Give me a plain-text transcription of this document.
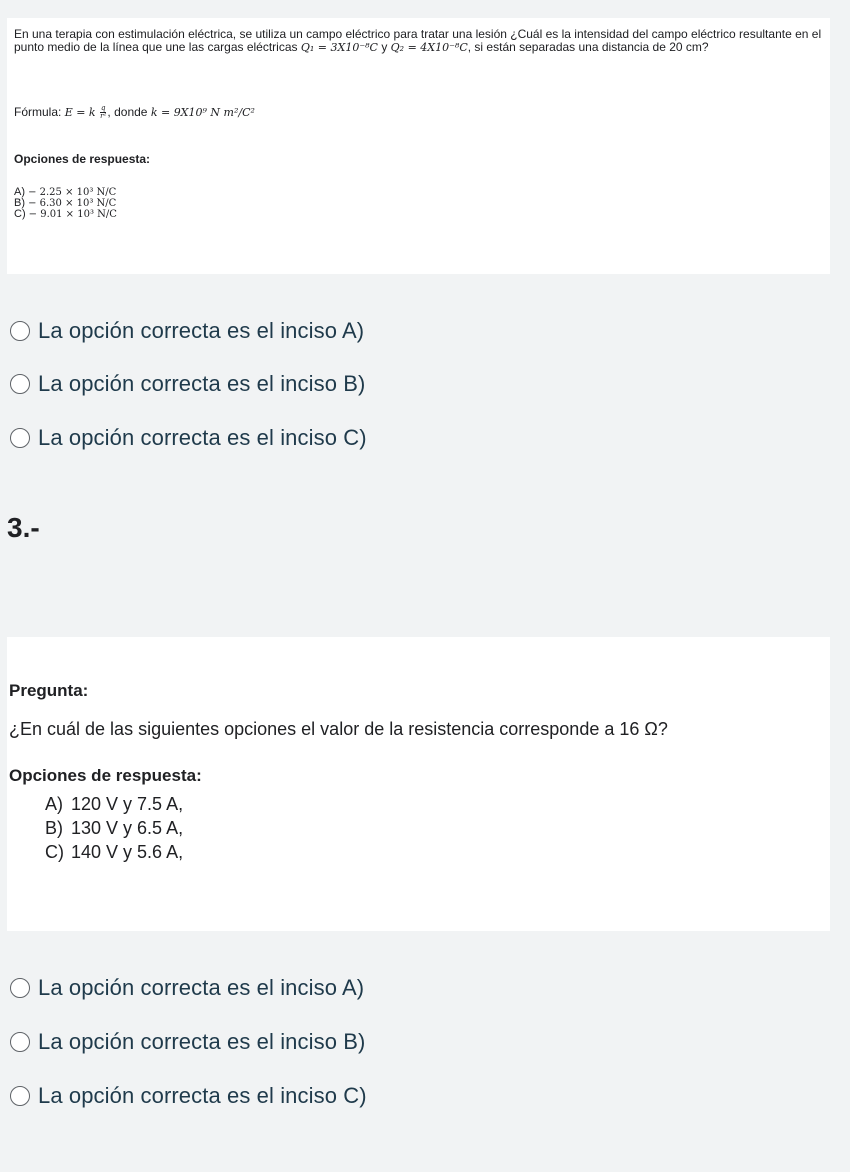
En una terapia con estimulación eléctrica, se utiliza un campo eléctrico para tratar una lesión ¿Cuál es la intensidad del campo eléctrico resultante en el punto medio de la línea que une las cargas eléctricas Q₁ = 3X10⁻⁸C y Q₂ = 4X10⁻⁸C, si están separadas una distancia de 20 cm?
Fórmula: E = k $\frac{q}{\text{r²}}$ , donde k = 9X10⁹ N m²/C²
Opciones de respuesta:
A) − 2.25 × 10³ N/C
B) − 6.30 × 10³ N/C
C) − 9.01 × 10³ N/C
La opción correcta es el inciso A)
La opción correcta es el inciso B)
La opción correcta es el inciso C)
3.-
Pregunta:
¿En cuál de las siguientes opciones el valor de la resistencia corresponde a 16 Ω?
Opciones de respuesta:
A) 120 V y 7.5 A,
B) 130 V y 6.5 A,
C) 140 V y 5.6 A,
La opción correcta es el inciso A)
La opción correcta es el inciso B)
La opción correcta es el inciso C)
